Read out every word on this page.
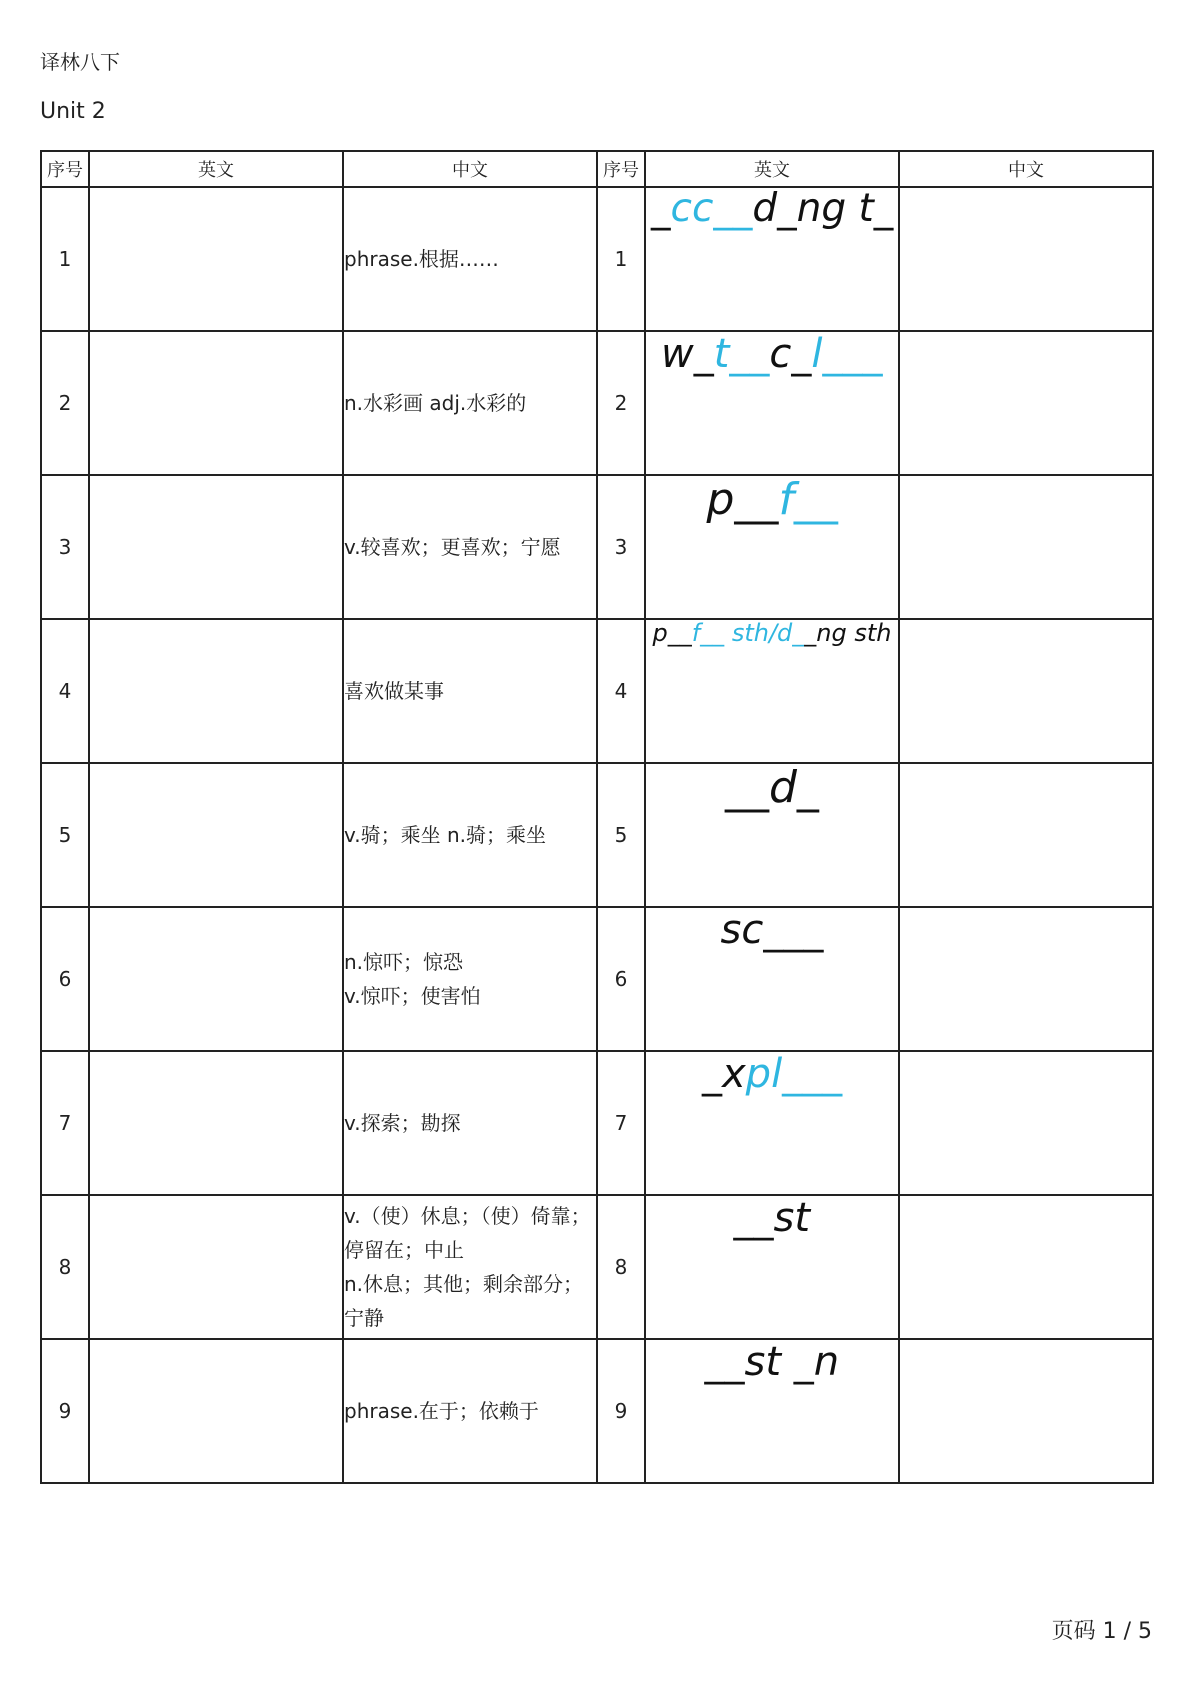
译林八下
Unit 2
序号	英文	中文	序号	英文	中文
1		phrase.根据……	1	_cc__d_ng t_	
2		n.水彩画 adj.水彩的	2	w_t__c_l___	
3		v.较喜欢；更喜欢；宁愿	3	p__f__	
4		喜欢做某事	4	p__f__ sth/d__ng sth	
5		v.骑；乘坐 n.骑；乘坐	5	__d_	
6		n.惊吓；惊恐
v.惊吓；使害怕	6	sc___	
7		v.探索；勘探	7	_xpl___	
8		v.（使）休息；（使）倚靠；停留在；中止
n.休息；其他；剩余部分；宁静	8	__st	
9		phrase.在于；依赖于	9	__st _n	

页码 1 / 5
